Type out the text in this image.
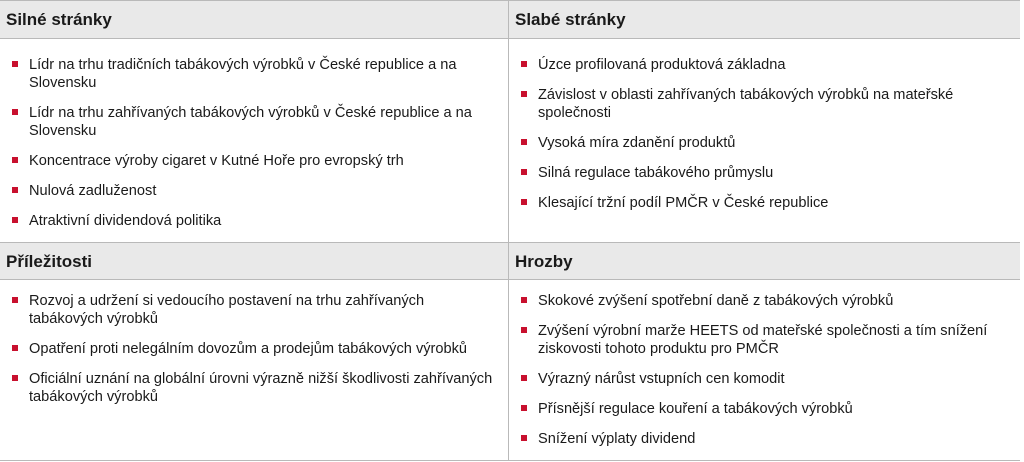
Silné stránky
Lídr na trhu tradičních tabákových výrobků v České republice a na Slovensku
Lídr na trhu zahřívaných tabákových výrobků v České republice a na Slovensku
Koncentrace výroby cigaret v Kutné Hoře pro evropský trh
Nulová zadluženost
Atraktivní dividendová politika
Slabé stránky
Úzce profilovaná produktová základna
Závislost v oblasti zahřívaných tabákových výrobků na mateřské společnosti
Vysoká míra zdanění produktů
Silná regulace tabákového průmyslu
Klesající tržní podíl PMČR v České republice
Příležitosti
Rozvoj a udržení si vedoucího postavení na trhu zahřívaných tabákových výrobků
Opatření proti nelegálním dovozům a prodejům tabákových výrobků
Oficiální uznání na globální úrovni výrazně nižší škodlivosti zahřívaných tabákových výrobků
Hrozby
Skokové zvýšení spotřební daně z tabákových výrobků
Zvýšení výrobní marže HEETS od mateřské společnosti a tím snížení ziskovosti tohoto produktu pro PMČR
Výrazný nárůst vstupních cen komodit
Přísnější regulace kouření a tabákových výrobků
Snížení výplaty dividend
